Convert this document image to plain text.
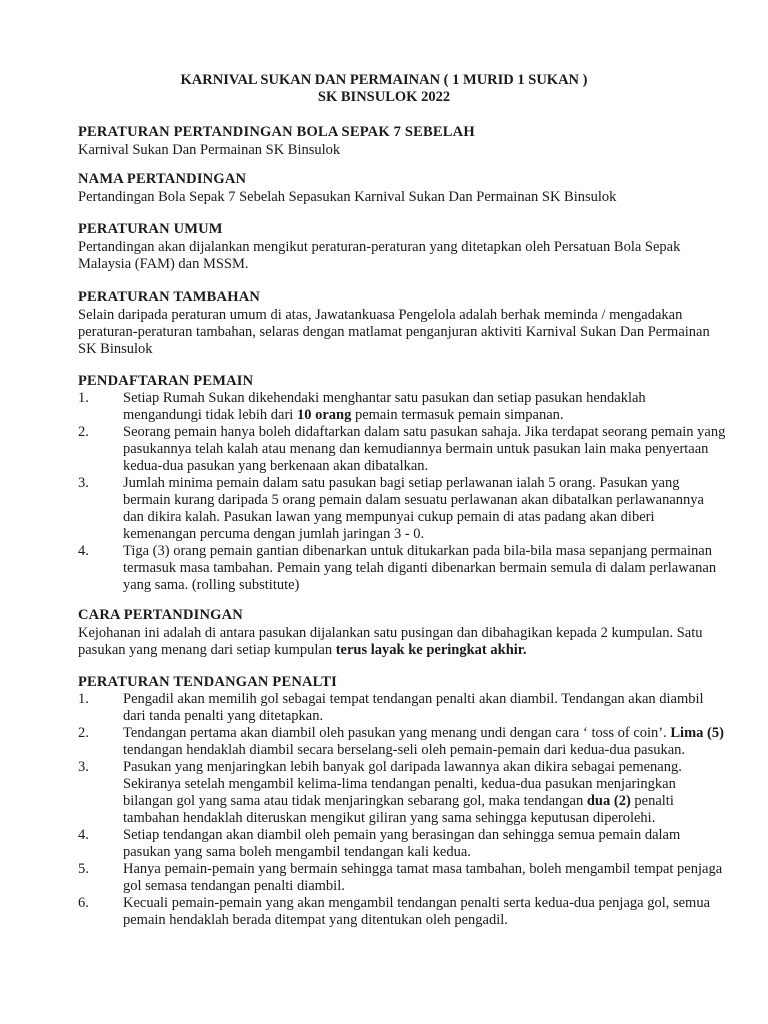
KARNIVAL SUKAN DAN PERMAINAN ( 1 MURID 1 SUKAN )
SK BINSULOK 2022
PERATURAN PERTANDINGAN BOLA SEPAK 7 SEBELAH
Karnival Sukan Dan Permainan SK Binsulok
NAMA PERTANDINGAN
Pertandingan Bola Sepak 7 Sebelah Sepasukan Karnival Sukan Dan Permainan SK Binsulok
PERATURAN UMUM
Pertandingan akan dijalankan mengikut peraturan-peraturan yang ditetapkan oleh Persatuan Bola Sepak Malaysia (FAM) dan MSSM.
PERATURAN TAMBAHAN
Selain daripada peraturan umum di atas, Jawatankuasa Pengelola adalah berhak meminda / mengadakan peraturan-peraturan tambahan, selaras dengan matlamat penganjuran aktiviti Karnival Sukan Dan Permainan SK Binsulok
PENDAFTARAN PEMAIN
1. Setiap Rumah Sukan dikehendaki menghantar satu pasukan dan setiap pasukan hendaklah mengandungi tidak lebih dari 10 orang pemain termasuk pemain simpanan.
2. Seorang pemain hanya boleh didaftarkan dalam satu pasukan sahaja. Jika terdapat seorang pemain yang pasukannya telah kalah atau menang dan kemudiannya bermain untuk pasukan lain maka penyertaan kedua-dua pasukan yang berkenaan akan dibatalkan.
3. Jumlah minima pemain dalam satu pasukan bagi setiap perlawanan ialah 5 orang. Pasukan yang bermain kurang daripada 5 orang pemain dalam sesuatu perlawanan akan dibatalkan perlawanannya dan dikira kalah. Pasukan lawan yang mempunyai cukup pemain di atas padang akan diberi kemenangan percuma dengan jumlah jaringan 3 - 0.
4. Tiga (3) orang pemain gantian dibenarkan untuk ditukarkan pada bila-bila masa sepanjang permainan termasuk masa tambahan. Pemain yang telah diganti dibenarkan bermain semula di dalam perlawanan yang sama. (rolling substitute)
CARA PERTANDINGAN
Kejohanan ini adalah di antara pasukan dijalankan satu pusingan dan dibahagikan kepada 2 kumpulan. Satu pasukan yang menang dari setiap kumpulan terus layak ke peringkat akhir.
PERATURAN TENDANGAN PENALTI
1. Pengadil akan memilih gol sebagai tempat tendangan penalti akan diambil. Tendangan akan diambil dari tanda penalti yang ditetapkan.
2. Tendangan pertama akan diambil oleh pasukan yang menang undi dengan cara ‘ toss of coin’. Lima (5) tendangan hendaklah diambil secara berselang-seli oleh pemain-pemain dari kedua-dua pasukan.
3. Pasukan yang menjaringkan lebih banyak gol daripada lawannya akan dikira sebagai pemenang. Sekiranya setelah mengambil kelima-lima tendangan penalti, kedua-dua pasukan menjaringkan bilangan gol yang sama atau tidak menjaringkan sebarang gol, maka tendangan dua (2) penalti tambahan hendaklah diteruskan mengikut giliran yang sama sehingga keputusan diperolehi.
4. Setiap tendangan akan diambil oleh pemain yang berasingan dan sehingga semua pemain dalam pasukan yang sama boleh mengambil tendangan kali kedua.
5. Hanya pemain-pemain yang bermain sehingga tamat masa tambahan, boleh mengambil tempat penjaga gol semasa tendangan penalti diambil.
6. Kecuali pemain-pemain yang akan mengambil tendangan penalti serta kedua-dua penjaga gol, semua pemain hendaklah berada ditempat yang ditentukan oleh pengadil.
